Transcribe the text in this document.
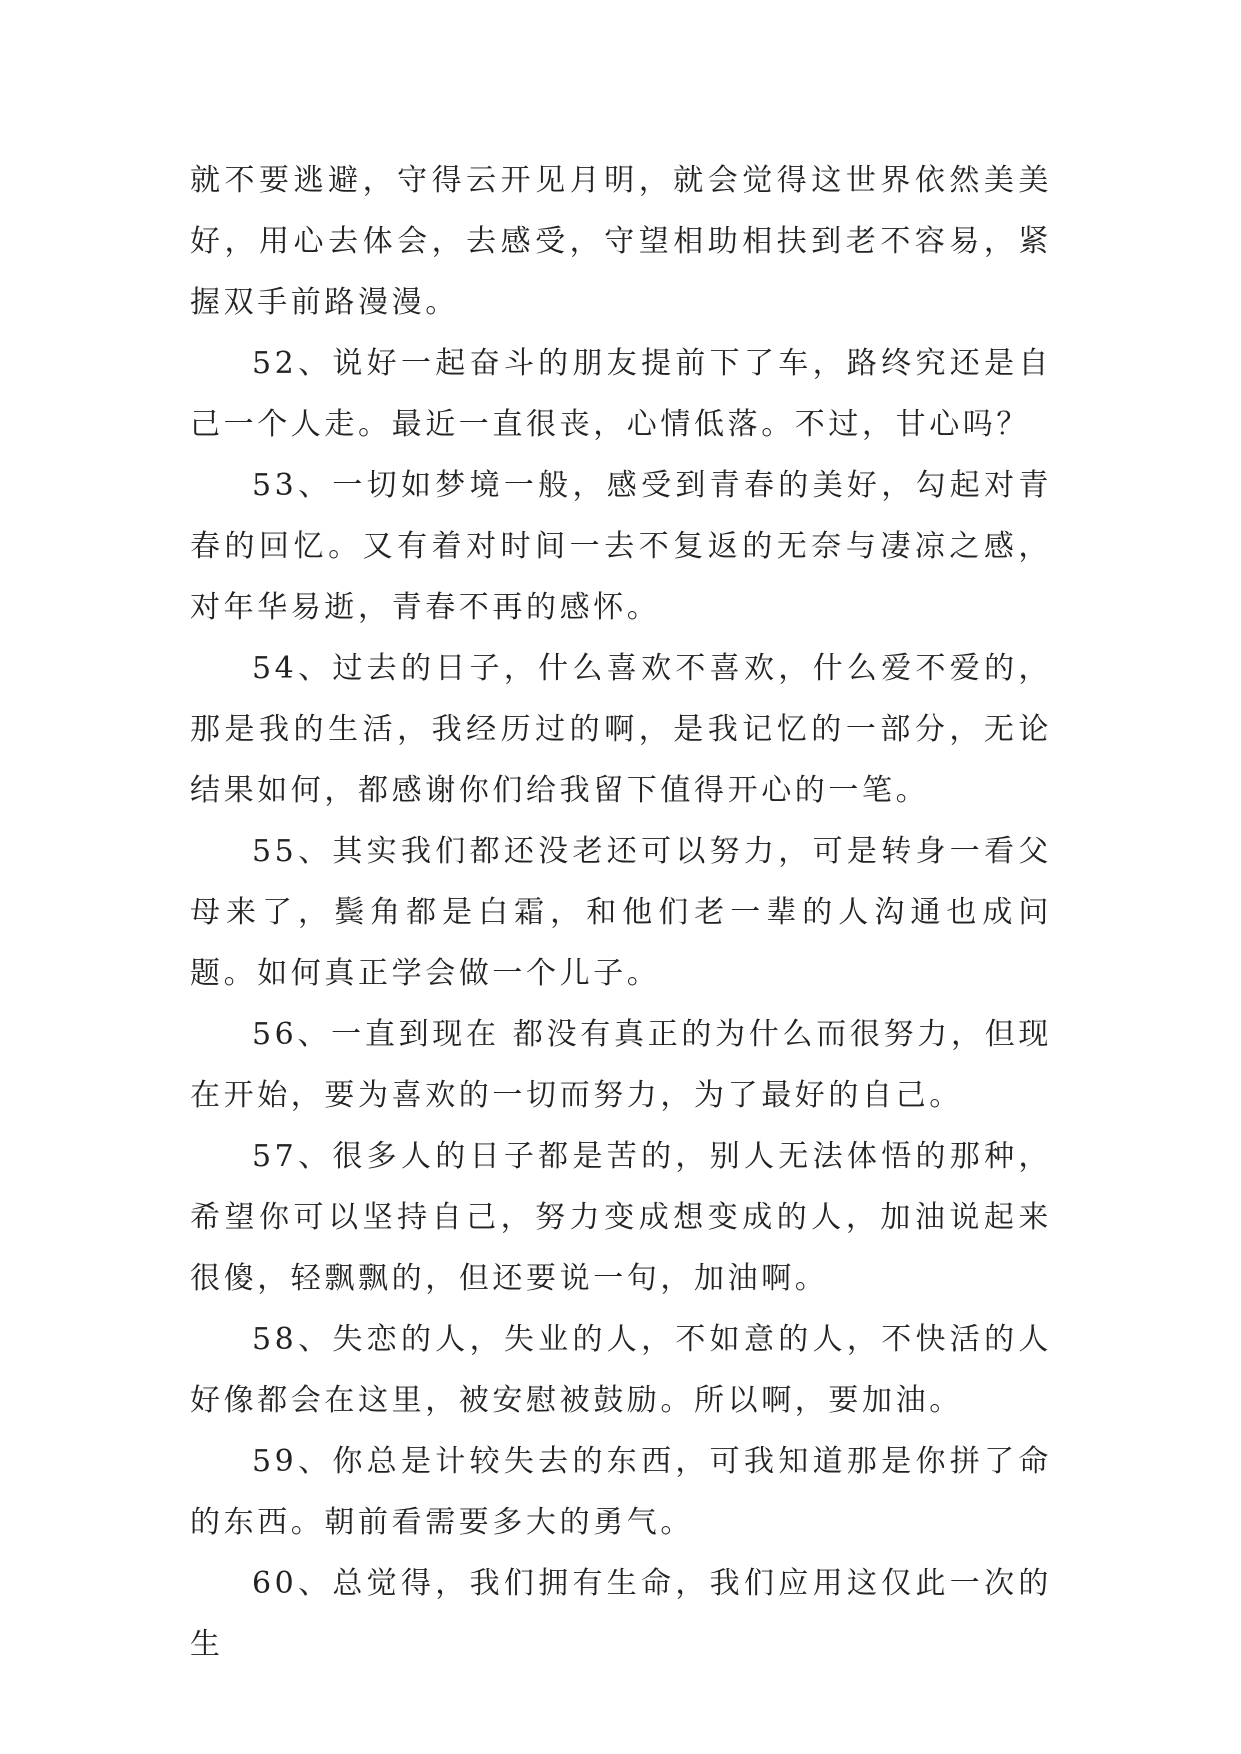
就不要逃避，守得云开见月明，就会觉得这世界依然美美好，用心去体会，去感受，守望相助相扶到老不容易，紧握双手前路漫漫。

52、说好一起奋斗的朋友提前下了车，路终究还是自己一个人走。最近一直很丧，心情低落。不过，甘心吗？

53、一切如梦境一般，感受到青春的美好，勾起对青春的回忆。又有着对时间一去不复返的无奈与凄凉之感，对年华易逝，青春不再的感怀。

54、过去的日子，什么喜欢不喜欢，什么爱不爱的，那是我的生活，我经历过的啊，是我记忆的一部分，无论结果如何，都感谢你们给我留下值得开心的一笔。

55、其实我们都还没老还可以努力，可是转身一看父母来了，鬓角都是白霜，和他们老一辈的人沟通也成问题。如何真正学会做一个儿子。

56、一直到现在 都没有真正的为什么而很努力，但现在开始，要为喜欢的一切而努力，为了最好的自己。

57、很多人的日子都是苦的，别人无法体悟的那种，希望你可以坚持自己，努力变成想变成的人，加油说起来很傻，轻飘飘的，但还要说一句，加油啊。

58、失恋的人，失业的人，不如意的人，不快活的人好像都会在这里，被安慰被鼓励。所以啊，要加油。

59、你总是计较失去的东西，可我知道那是你拼了命的东西。朝前看需要多大的勇气。

60、总觉得，我们拥有生命，我们应用这仅此一次的生
